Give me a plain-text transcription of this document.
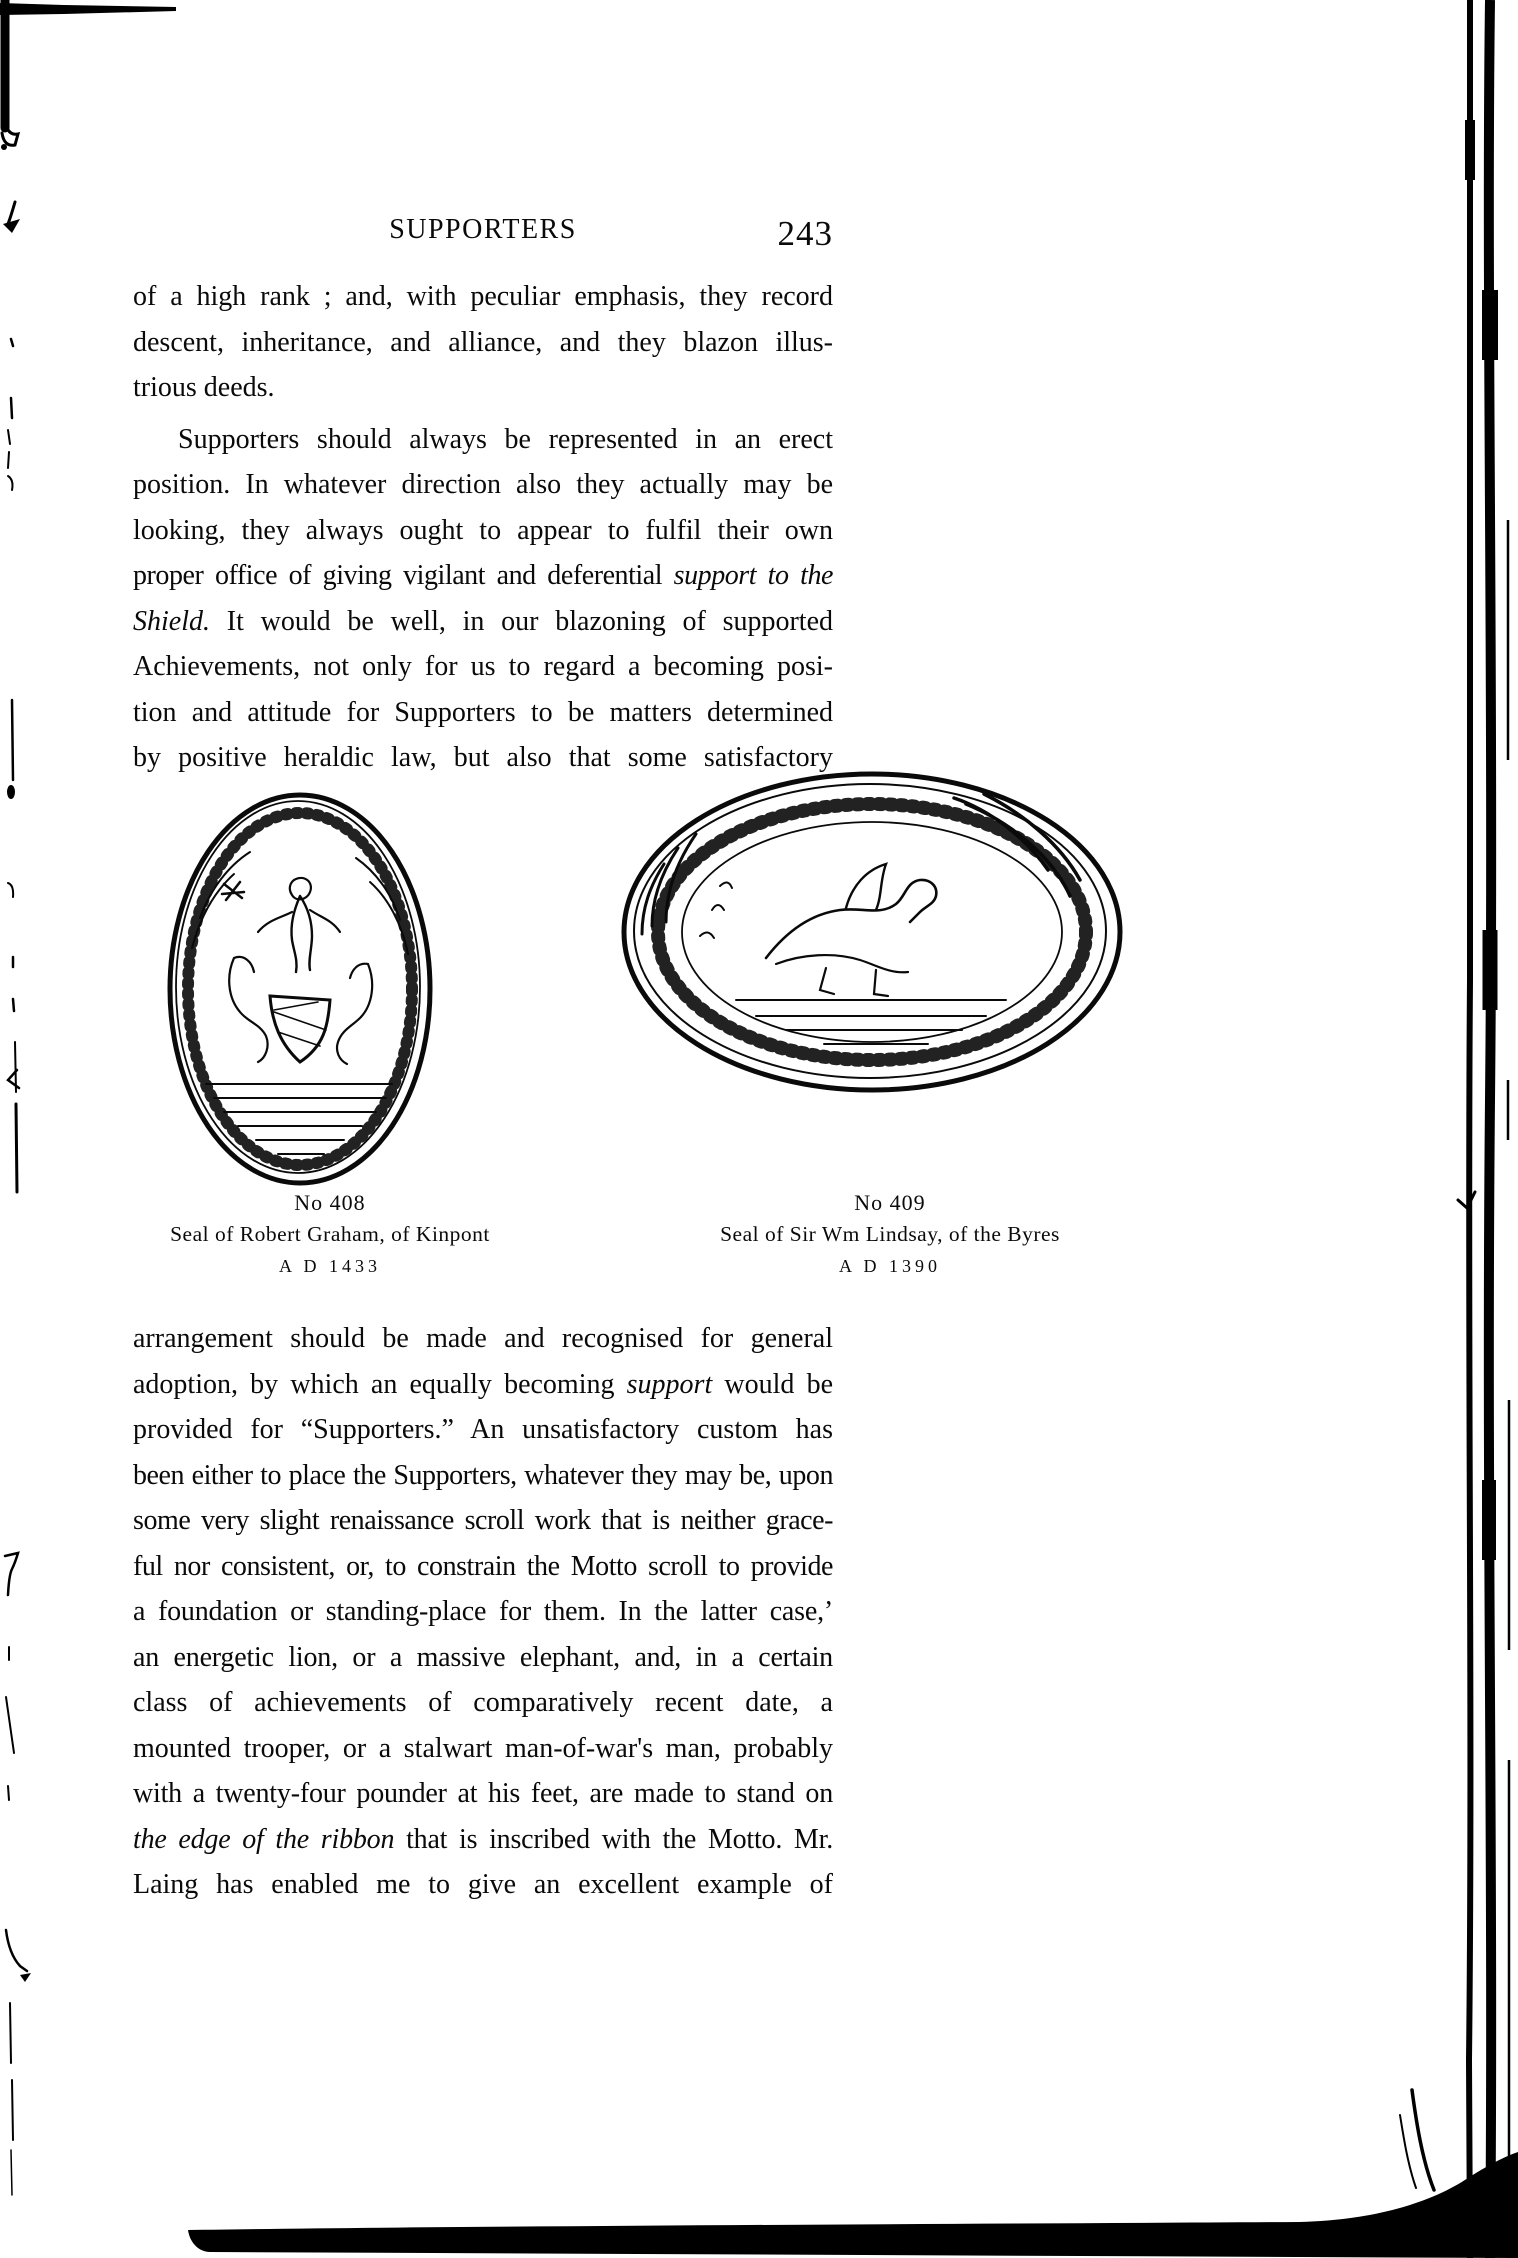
SUPPORTERS	243
of a high rank ; and, with peculiar emphasis, they record
descent, inheritance, and alliance, and they blazon illus-
trious deeds.
Supporters should always be represented in an erect
position. In whatever direction also they actually may be
looking, they always ought to appear to fulfil their own
proper office of giving vigilant and deferential support to the
Shield. It would be well, in our blazoning of supported
Achievements, not only for us to regard a becoming posi-
tion and attitude for Supporters to be matters determined
by positive heraldic law, but also that some satisfactory
No 408
Seal of Robert Graham, of Kinpont
A D 1433
No 409
Seal of Sir Wm Lindsay, of the Byres
A D 1390
arrangement should be made and recognised for general
adoption, by which an equally becoming support would be
provided for “Supporters.” An unsatisfactory custom has
been either to place the Supporters, whatever they may be, upon
some very slight renaissance scroll work that is neither grace-
ful nor consistent, or, to constrain the Motto scroll to provide
a foundation or standing-place for them. In the latter case,’
an energetic lion, or a massive elephant, and, in a certain
class of achievements of comparatively recent date, a
mounted trooper, or a stalwart man-of-war's man, probably
with a twenty-four pounder at his feet, are made to stand on
the edge of the ribbon that is inscribed with the Motto. Mr.
Laing has enabled me to give an excellent example of
